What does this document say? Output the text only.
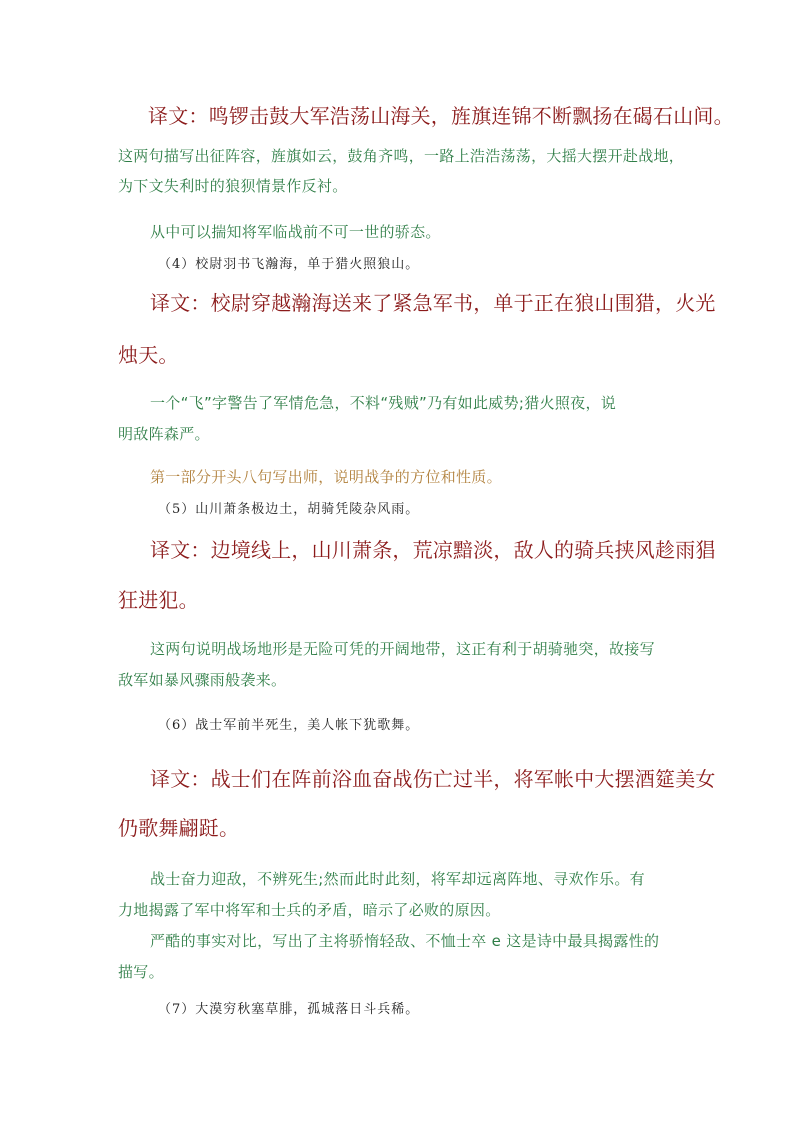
译文：鸣锣击鼓大军浩荡山海关，旌旗连锦不断飘扬在碣石山间。

这两句描写出征阵容，旌旗如云，鼓角齐鸣，一路上浩浩荡荡，大摇大摆开赴战地，

为下文失利时的狼狈情景作反衬。

从中可以揣知将军临战前不可一世的骄态。

（4）校尉羽书飞瀚海，单于猎火照狼山。

译文：校尉穿越瀚海送来了紧急军书，单于正在狼山围猎，火光

烛天。

一个“飞”字警告了军情危急，不料“残贼”乃有如此威势;猎火照夜，说

明敌阵森严。

第一部分开头八句写出师，说明战争的方位和性质。

（5）山川萧条极边土，胡骑凭陵杂风雨。

译文：边境线上，山川萧条，荒凉黯淡，敌人的骑兵挟风趁雨猖

狂进犯。

这两句说明战场地形是无险可凭的开阔地带，这正有利于胡骑驰突，故接写

敌军如暴风骤雨般袭来。

（6）战士军前半死生，美人帐下犹歌舞。

译文：战士们在阵前浴血奋战伤亡过半，将军帐中大摆酒筵美女

仍歌舞翩跹。

战士奋力迎敌，不辨死生;然而此时此刻，将军却远离阵地、寻欢作乐。有

力地揭露了军中将军和士兵的矛盾，暗示了必败的原因。

严酷的事实对比，写出了主将骄惰轻敌、不恤士卒 e 这是诗中最具揭露性的

描写。

（7）大漠穷秋塞草腓，孤城落日斗兵稀。
